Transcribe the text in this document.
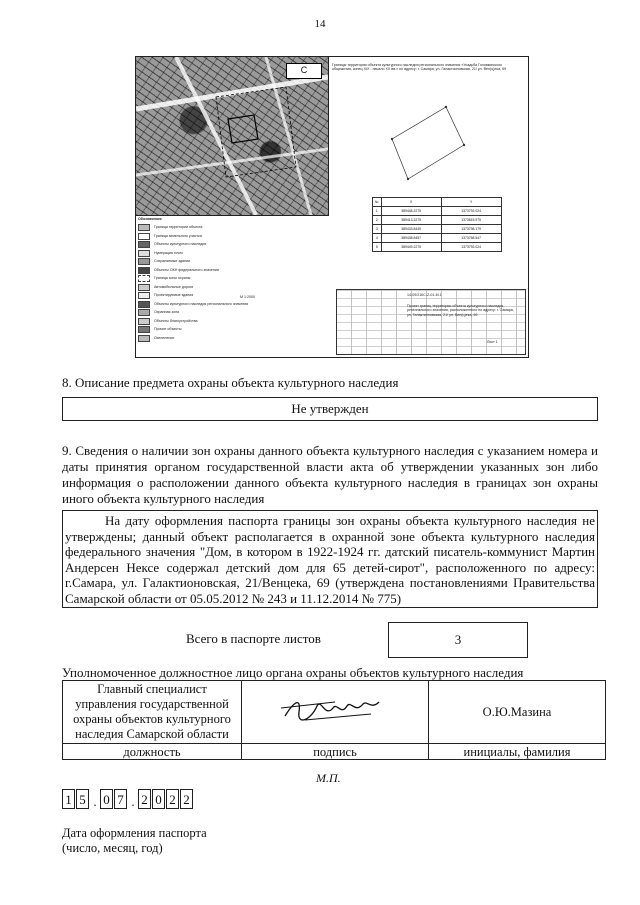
14
C	Границы территории объекта культурного наследия регионального значения «Усадьба Головкинского общежития, конец XIX - начало XX вв.» по адресу: г. Самара, ул. Галактионовская, 21/ ул. Вен(ц)ека, 69
№	X	Y
1	389448.2275	1373792.024
2	389413.2275	1373815.975
3	389433.8449	1373798.179
4	389438.8457	1373768.547
5	389449.2275	1373792.024
Обозначения
Граница территории объекта
Граница земельного участка
Объекты культурного наследия
Нумерация точек
Сохраняемые здания
Объекты ОКН федерального значения
Граница зоны охраны
Автомобильные дороги
Проектируемые здания
Объекты культурного наследия регионального значения
Охранная зона
Объекты благоустройства
Прочие объекты
Озеленение
М 1:2000	14-09/21КС-Z-01-М.1
Проект границ территории объекта культурного наследия регионального значения, расположенного по адресу: г. Самара, ул. Галактионовская, 21/ ул. Вен(ц)ека, 69
Лист 1
8. Описание предмета охраны объекта культурного наследия
Не утвержден
9. Сведения о наличии зон охраны данного объекта культурного наследия с указанием номера и даты принятия органом государственной власти акта об утверждении указанных зон либо информация о расположении данного объекта культурного наследия в границах зон охраны иного объекта культурного наследия
На дату оформления паспорта границы зон охраны объекта культурного наследия не утверждены; данный объект располагается в охранной зоне объекта культурного наследия федерального значения "Дом, в котором в 1922-1924 гг. датский писатель-коммунист Мартин Андерсен Нексе содержал детский дом для 65 детей-сирот", расположенного по адресу: г.Самара, ул. Галактионовская, 21/Венцека, 69 (утверждена постановлениями Правительства Самарской области от 05.05.2012 № 243 и 11.12.2014 № 775)
Всего в паспорте листов	3
Уполномоченное должностное лицо органа охраны объектов культурного наследия
Главный специалист управления государственной охраны объектов культурного наследия Самарской области		О.Ю.Мазина
должность	подпись	инициалы, фамилия
М.П.
1 5 . 0 7 . 2 0 2 2
Дата оформления паспорта
(число, месяц, год)
